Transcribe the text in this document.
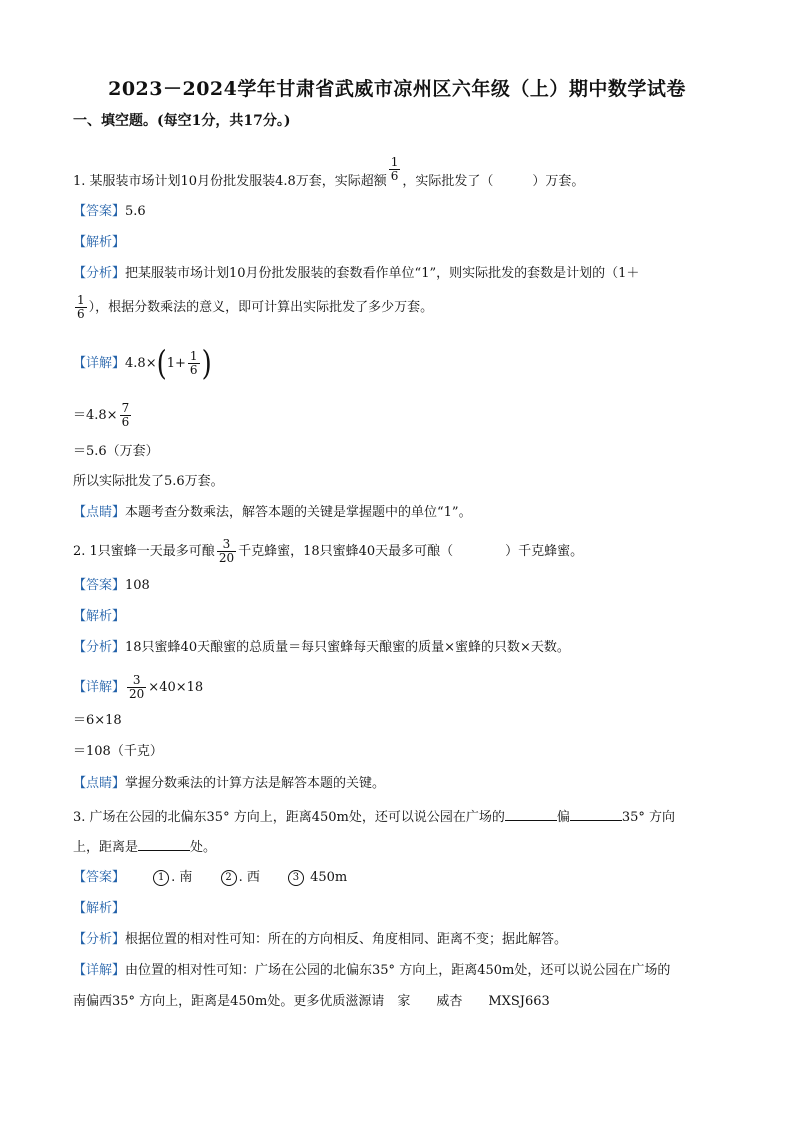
2023－2024学年甘肃省武威市凉州区六年级（上）期中数学试卷
一、填空题。(每空1分，共17分。)
1. 某服装市场计划10月份批发服装4.8万套，实际超额 $\frac{1}{6}$ ，实际批发了（　　　）万套。
【答案】5.6
【解析】
【分析】把某服装市场计划10月份批发服装的套数看作单位“1”，则实际批发的套数是计划的（1＋
$\frac{1}{6}$ ），根据分数乘法的意义，即可计算出实际批发了多少万套。
【详解】$4.8\times(1+ \frac{1}{6}$ )
$=4.8\times \frac{7}{6}$
＝5.6（万套）
所以实际批发了5.6万套。
【点睛】本题考查分数乘法，解答本题的关键是掌握题中的单位“1”。
2. 1只蜜蜂一天最多可酿 $\frac{3}{20}$ 千克蜂蜜，18只蜜蜂40天最多可酿（　　　　）千克蜂蜜。
【答案】108
【解析】
【分析】18只蜜蜂40天酿蜜的总质量＝每只蜜蜂每天酿蜜的质量×蜜蜂的只数×天数。
【详解】 $\frac{3}{20} \times 40\times 18$
＝6×18
＝108（千克）
【点睛】掌握分数乘法的计算方法是解答本题的关键。
3. 广场在公园的北偏东35° 方向上，距离450m处，还可以说公园在广场的	偏	35° 方向
上，距离是	处。
【答案】	1 . 南	2 . 西	3 450m
【解析】
【分析】根据位置的相对性可知：所在的方向相反、角度相同、距离不变；据此解答。
【详解】由位置的相对性可知：广场在公园的北偏东35° 方向上，距离450m处，还可以说公园在广场的
南偏西35° 方向上，距离是450m处。更多优质滋源请　家　　威杏　　MXSJ663
